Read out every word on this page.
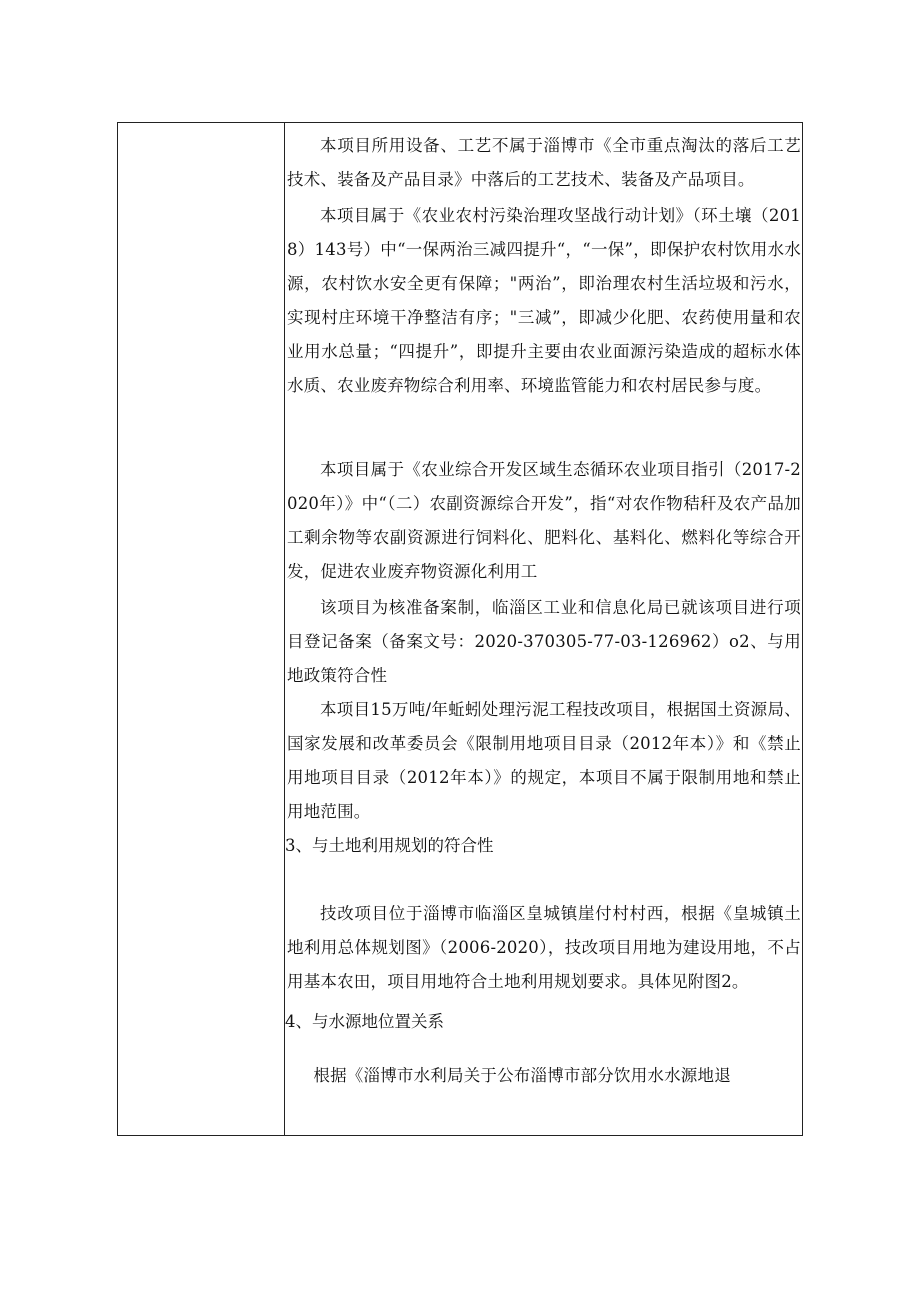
本项目所用设备、工艺不属于淄博市《全市重点淘汰的落后工艺技术、装备及产品目录》中落后的工艺技术、装备及产品项目。

本项目属于《农业农村污染治理攻坚战行动计划》（环土壤（2018）143号）中“一保两治三减四提升“，“一保”，即保护农村饮用水水源，农村饮水安全更有保障；"两治”，即治理农村生活垃圾和污水，实现村庄环境干净整洁有序；"三减”，即减少化肥、农药使用量和农业用水总量；“四提升”，即提升主要由农业面源污染造成的超标水体水质、农业废弃物综合利用率、环境监管能力和农村居民参与度。

本项目属于《农业综合开发区域生态循环农业项目指引（2017-2020年）》中“（二）农副资源综合开发”，指“对农作物秸秆及农产品加工剩余物等农副资源进行饲料化、肥料化、基料化、燃料化等综合开发，促进农业废弃物资源化利用工

该项目为核准备案制，临淄区工业和信息化局已就该项目进行项目登记备案（备案文号：2020-370305-77-03-126962）o2、与用地政策符合性

本项目15万吨/年蚯蚓处理污泥工程技改项目，根据国土资源局、国家发展和改革委员会《限制用地项目目录（2012年本）》和《禁止用地项目目录（2012年本）》的规定，本项目不属于限制用地和禁止用地范围。

3、与土地利用规划的符合性

技改项目位于淄博市临淄区皇城镇崖付村村西，根据《皇城镇土地利用总体规划图》（2006-2020），技改项目用地为建设用地，不占用基本农田，项目用地符合土地利用规划要求。具体见附图2。

4、与水源地位置关系

根据《淄博市水利局关于公布淄博市部分饮用水水源地退
